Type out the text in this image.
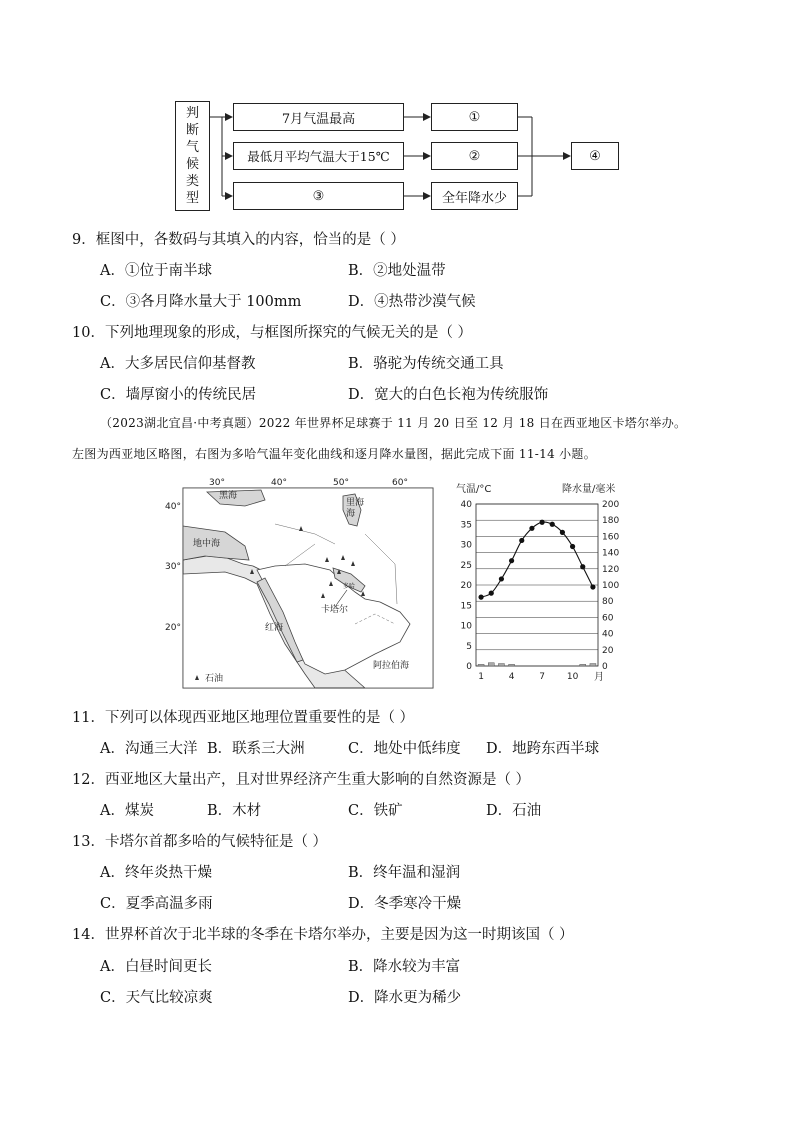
判
断
气
候
类
型
7月气温最高
最低月平均气温大于15℃
③
①
②
全年降水少
④
9．框图中，各数码与其填入的内容，恰当的是（ ）
A．①位于南半球	B．②地处温带
C．③各月降水量大于 100mm	D．④热带沙漠气候
10．下列地理现象的形成，与框图所探究的气候无关的是（ ）
A．大多居民信仰基督教	B．骆驼为传统交通工具
C．墙厚窗小的传统民居	D．宽大的白色长袍为传统服饰
（2023湖北宜昌·中考真题）2022 年世界杯足球赛于 11 月 20 日至 12 月 18 日在西亚地区卡塔尔举办。
左图为西亚地区略图，右图为多哈气温年变化曲线和逐月降水量图，据此完成下面 11-14 小题。
30°	40°	50°	60°
40°
30°
20°
黑海
里海
海
地中海
红海
阿拉伯海
卡塔尔
多哈
石油
气温/°C	降水量/毫米
月
0
20
40
60
80
100
120
140
160
180
200
0
5
10
15
20
25
30
35
40
1	4	7 10
11．下列可以体现西亚地区地理位置重要性的是（ ）
A．沟通三大洋 B．联系三大洲	C．地处中低纬度 D．地跨东西半球
12．西亚地区大量出产，且对世界经济产生重大影响的自然资源是（ ）
A．煤炭	B．木材	C．铁矿	D．石油
13．卡塔尔首都多哈的气候特征是（ ）
A．终年炎热干燥	B．终年温和湿润
C．夏季高温多雨	D．冬季寒冷干燥
14．世界杯首次于北半球的冬季在卡塔尔举办，主要是因为这一时期该国（ ）
A．白昼时间更长	B．降水较为丰富
C．天气比较凉爽	D．降水更为稀少
